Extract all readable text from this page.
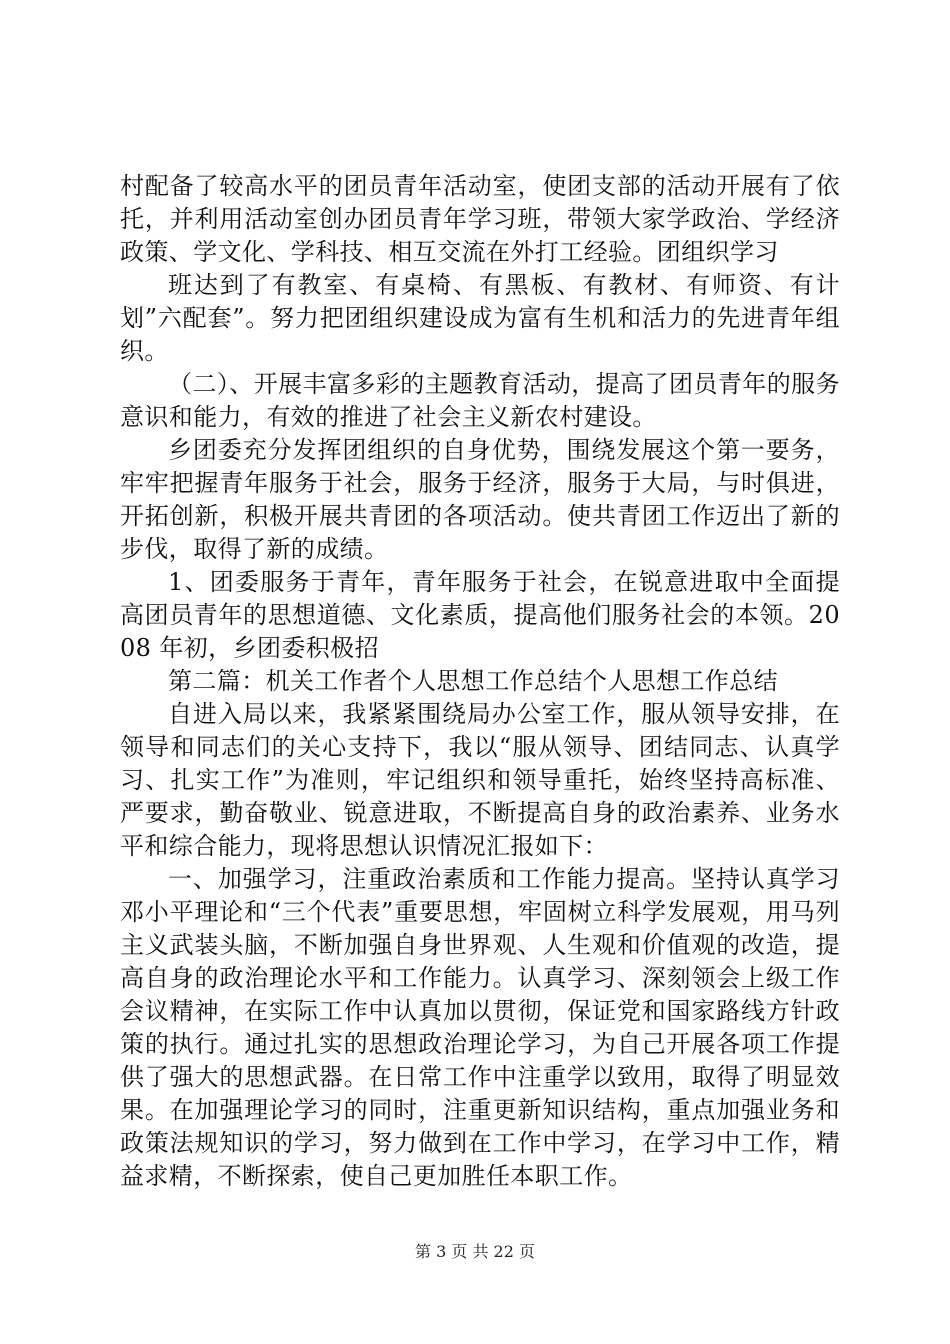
村配备了较高水平的团员青年活动室，使团支部的活动开展有了依托，并利用活动室创办团员青年学习班，带领大家学政治、学经济政策、学文化、学科技、相互交流在外打工经验。团组织学习

班达到了有教室、有桌椅、有黑板、有教材、有师资、有计划”六配套”。努力把团组织建设成为富有生机和活力的先进青年组织。

（二）、开展丰富多彩的主题教育活动，提高了团员青年的服务意识和能力，有效的推进了社会主义新农村建设。

乡团委充分发挥团组织的自身优势，围绕发展这个第一要务，牢牢把握青年服务于社会，服务于经济，服务于大局，与时俱进，开拓创新，积极开展共青团的各项活动。使共青团工作迈出了新的步伐，取得了新的成绩。

1、团委服务于青年，青年服务于社会，在锐意进取中全面提高团员青年的思想道德、文化素质，提高他们服务社会的本领。2008 年初，乡团委积极招

第二篇：机关工作者个人思想工作总结个人思想工作总结

自进入局以来，我紧紧围绕局办公室工作，服从领导安排，在领导和同志们的关心支持下，我以“服从领导、团结同志、认真学习、扎实工作”为准则，牢记组织和领导重托，始终坚持高标准、严要求，勤奋敬业、锐意进取，不断提高自身的政治素养、业务水平和综合能力，现将思想认识情况汇报如下：

一、加强学习，注重政治素质和工作能力提高。坚持认真学习邓小平理论和“三个代表”重要思想，牢固树立科学发展观，用马列主义武装头脑，不断加强自身世界观、人生观和价值观的改造，提高自身的政治理论水平和工作能力。认真学习、深刻领会上级工作会议精神，在实际工作中认真加以贯彻，保证党和国家路线方针政策的执行。通过扎实的思想政治理论学习，为自己开展各项工作提供了强大的思想武器。在日常工作中注重学以致用，取得了明显效果。在加强理论学习的同时，注重更新知识结构，重点加强业务和政策法规知识的学习，努力做到在工作中学习，在学习中工作，精益求精，不断探索，使自己更加胜任本职工作。

第 3 页 共 22 页
